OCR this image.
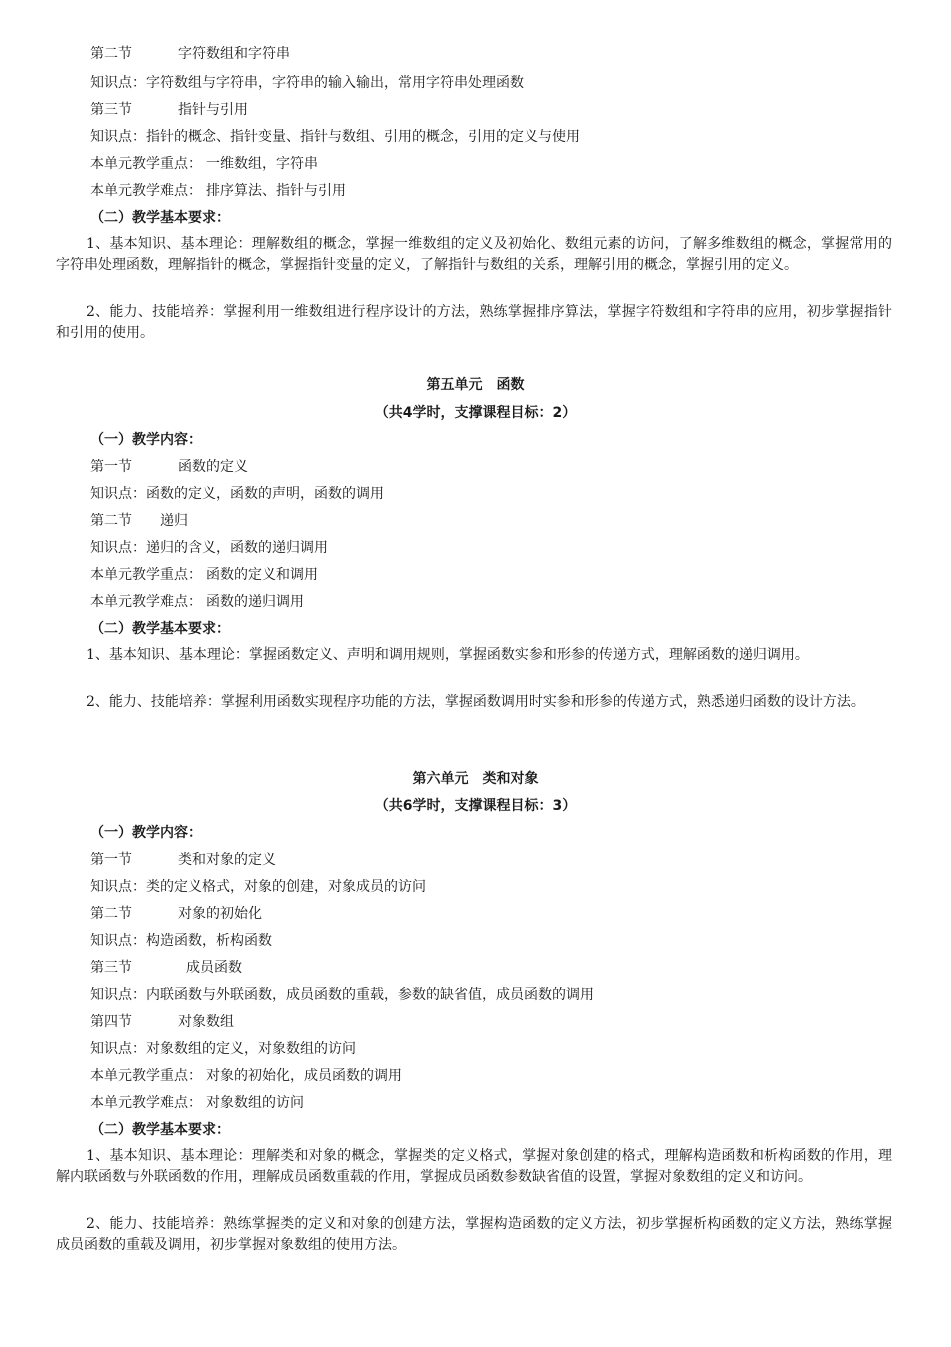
第二节	字符数组和字符串
知识点：字符数组与字符串，字符串的输入输出，常用字符串处理函数
第三节	指针与引用
知识点：指针的概念、指针变量、指针与数组、引用的概念，引用的定义与使用
本单元教学重点： 一维数组，字符串
本单元教学难点： 排序算法、指针与引用
（二）教学基本要求：
1、基本知识、基本理论：理解数组的概念，掌握一维数组的定义及初始化、数组元素的访问，了解多维数组的概念，掌握常用的字符串处理函数，理解指针的概念，掌握指针变量的定义，了解指针与数组的关系，理解引用的概念，掌握引用的定义。
2、能力、技能培养：掌握利用一维数组进行程序设计的方法，熟练掌握排序算法，掌握字符数组和字符串的应用，初步掌握指针和引用的使用。
第五单元　函数
（共4学时，支撑课程目标：2）
（一）教学内容：
第一节	函数的定义
知识点：函数的定义，函数的声明，函数的调用
第二节 递归
知识点：递归的含义，函数的递归调用
本单元教学重点： 函数的定义和调用
本单元教学难点： 函数的递归调用
（二）教学基本要求：
1、基本知识、基本理论：掌握函数定义、声明和调用规则，掌握函数实参和形参的传递方式，理解函数的递归调用。
2、能力、技能培养：掌握利用函数实现程序功能的方法，掌握函数调用时实参和形参的传递方式，熟悉递归函数的设计方法。
第六单元　类和对象
（共6学时，支撑课程目标：3）
（一）教学内容：
第一节	类和对象的定义
知识点：类的定义格式，对象的创建，对象成员的访问
第二节	对象的初始化
知识点：构造函数，析构函数
第三节	成员函数
知识点：内联函数与外联函数，成员函数的重载，参数的缺省值，成员函数的调用
第四节	对象数组
知识点：对象数组的定义，对象数组的访问
本单元教学重点： 对象的初始化，成员函数的调用
本单元教学难点： 对象数组的访问
（二）教学基本要求：
1、基本知识、基本理论：理解类和对象的概念，掌握类的定义格式，掌握对象创建的格式，理解构造函数和析构函数的作用，理解内联函数与外联函数的作用，理解成员函数重载的作用，掌握成员函数参数缺省值的设置，掌握对象数组的定义和访问。
2、能力、技能培养：熟练掌握类的定义和对象的创建方法，掌握构造函数的定义方法，初步掌握析构函数的定义方法，熟练掌握成员函数的重载及调用，初步掌握对象数组的使用方法。
